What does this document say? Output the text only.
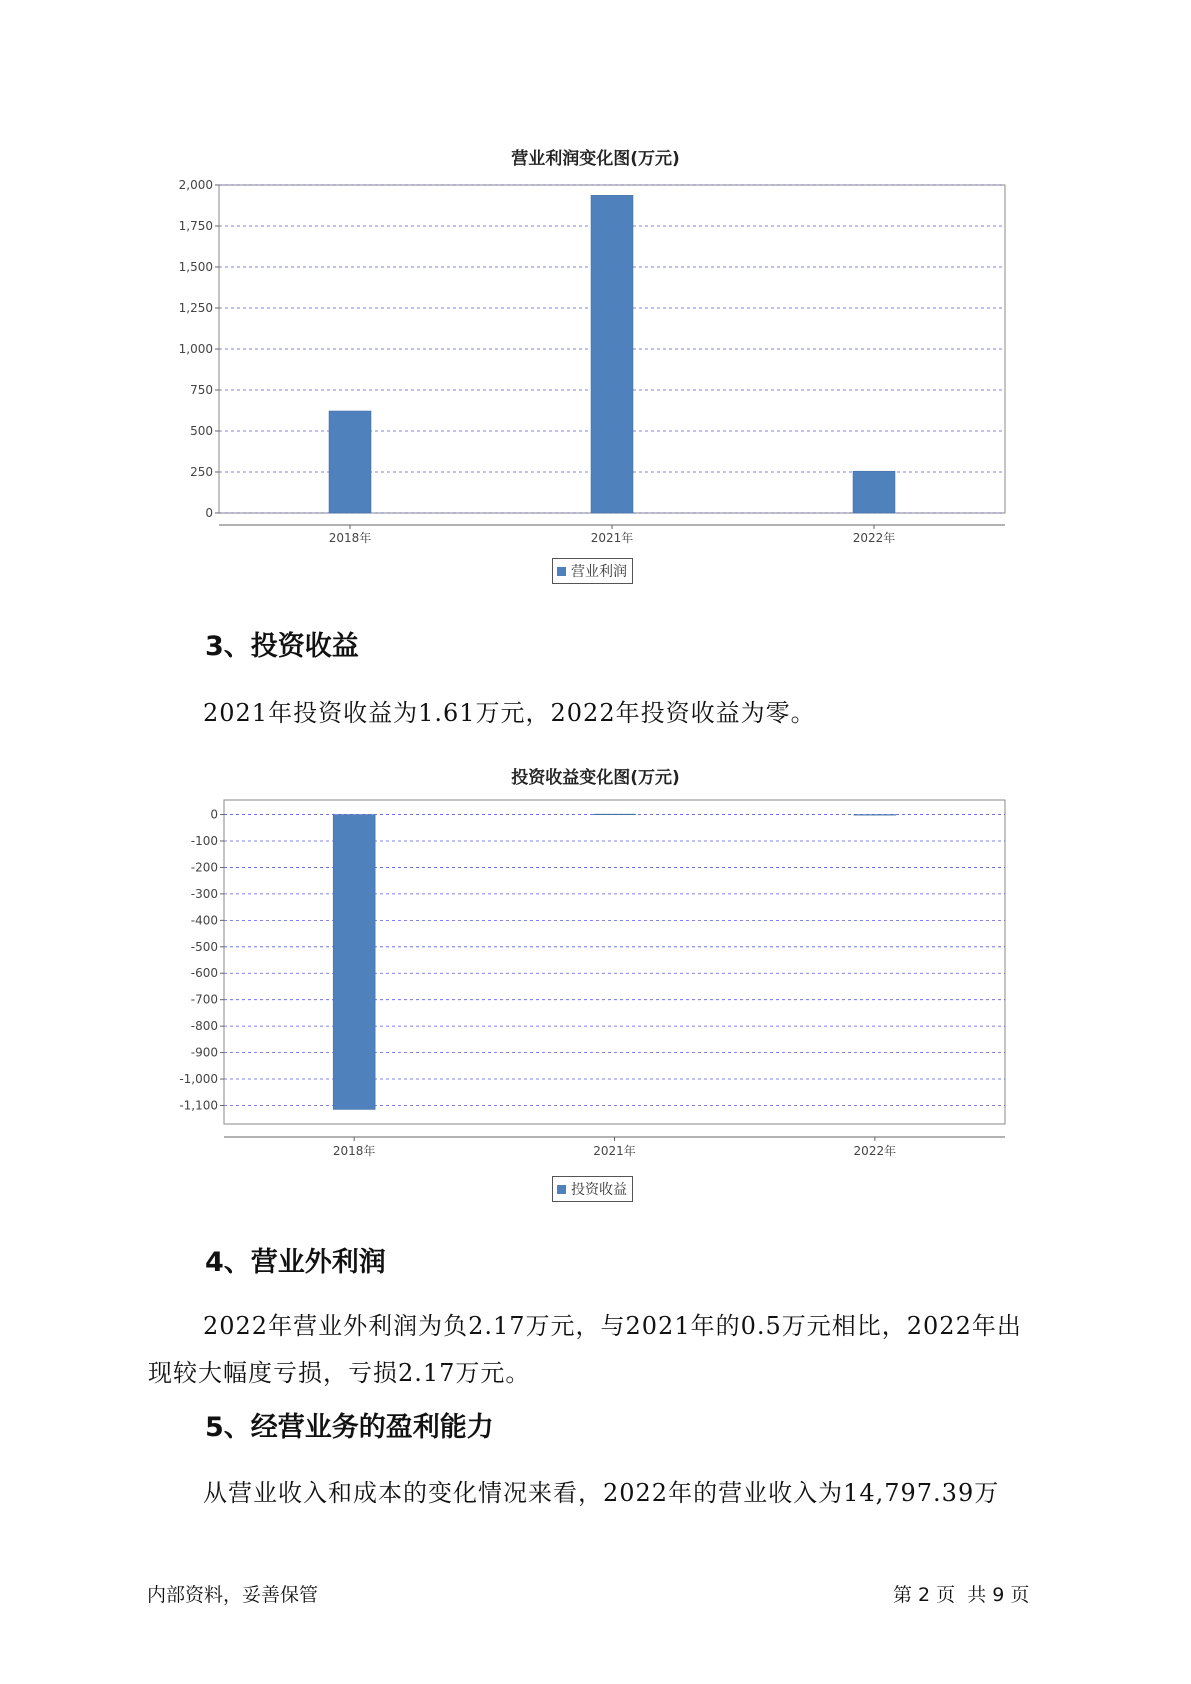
营业利润变化图(万元)
0
250
500
750
1,000
1,250
1,500
1,750
2,000
2018年	2021年	2022年
营业利润
3、投资收益
2021年投资收益为1.61万元，2022年投资收益为零。
投资收益变化图(万元)
0
-100
-200
-300
-400
-500
-600
-700
-800
-900
-1,000
-1,100
2018年	2021年	2022年
投资收益
4、营业外利润
2022年营业外利润为负2.17万元，与2021年的0.5万元相比，2022年出
现较大幅度亏损，亏损2.17万元。
5、经营业务的盈利能力
从营业收入和成本的变化情况来看，2022年的营业收入为14,797.39万
内部资料，妥善保管	第 2 页  共 9 页
